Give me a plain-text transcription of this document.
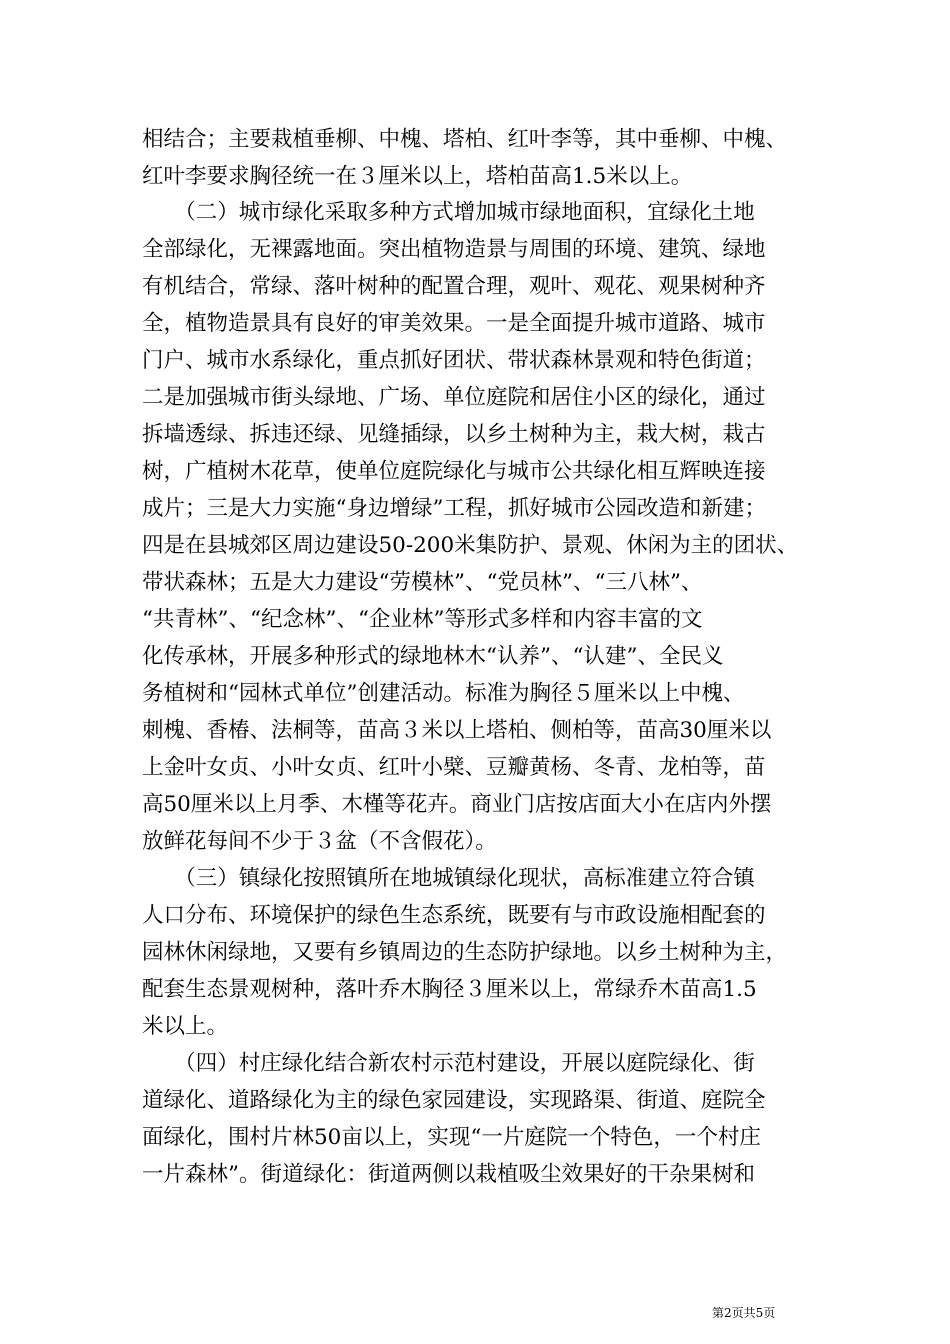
相结合；主要栽植垂柳、中槐、塔柏、红叶李等，其中垂柳、中槐、
红叶李要求胸径统一在３厘米以上，塔柏苗高1.5米以上。
　　（二）城市绿化采取多种方式增加城市绿地面积，宜绿化土地
全部绿化，无裸露地面。突出植物造景与周围的环境、建筑、绿地
有机结合，常绿、落叶树种的配置合理，观叶、观花、观果树种齐
全，植物造景具有良好的审美效果。一是全面提升城市道路、城市
门户、城市水系绿化，重点抓好团状、带状森林景观和特色街道；
二是加强城市街头绿地、广场、单位庭院和居住小区的绿化，通过
拆墙透绿、拆违还绿、见缝插绿，以乡土树种为主，栽大树，栽古
树，广植树木花草，使单位庭院绿化与城市公共绿化相互辉映连接
成片；三是大力实施“身边增绿”工程，抓好城市公园改造和新建；
四是在县城郊区周边建设50-200米集防护、景观、休闲为主的团状、
带状森林；五是大力建设“劳模林”、“党员林”、“三八林”、
“共青林”、“纪念林”、“企业林”等形式多样和内容丰富的文
化传承林，开展多种形式的绿地林木“认养”、“认建”、全民义
务植树和“园林式单位”创建活动。标准为胸径５厘米以上中槐、
刺槐、香椿、法桐等，苗高３米以上塔柏、侧柏等，苗高30厘米以
上金叶女贞、小叶女贞、红叶小檗、豆瓣黄杨、冬青、龙柏等，苗
高50厘米以上月季、木槿等花卉。商业门店按店面大小在店内外摆
放鲜花每间不少于３盆（不含假花）。
　　（三）镇绿化按照镇所在地城镇绿化现状，高标准建立符合镇
人口分布、环境保护的绿色生态系统，既要有与市政设施相配套的
园林休闲绿地，又要有乡镇周边的生态防护绿地。以乡土树种为主，
配套生态景观树种，落叶乔木胸径３厘米以上，常绿乔木苗高1.5
米以上。
　　（四）村庄绿化结合新农村示范村建设，开展以庭院绿化、街
道绿化、道路绿化为主的绿色家园建设，实现路渠、街道、庭院全
面绿化，围村片林50亩以上，实现“一片庭院一个特色，一个村庄
一片森林”。街道绿化：街道两侧以栽植吸尘效果好的干杂果树和
第2页共5页
